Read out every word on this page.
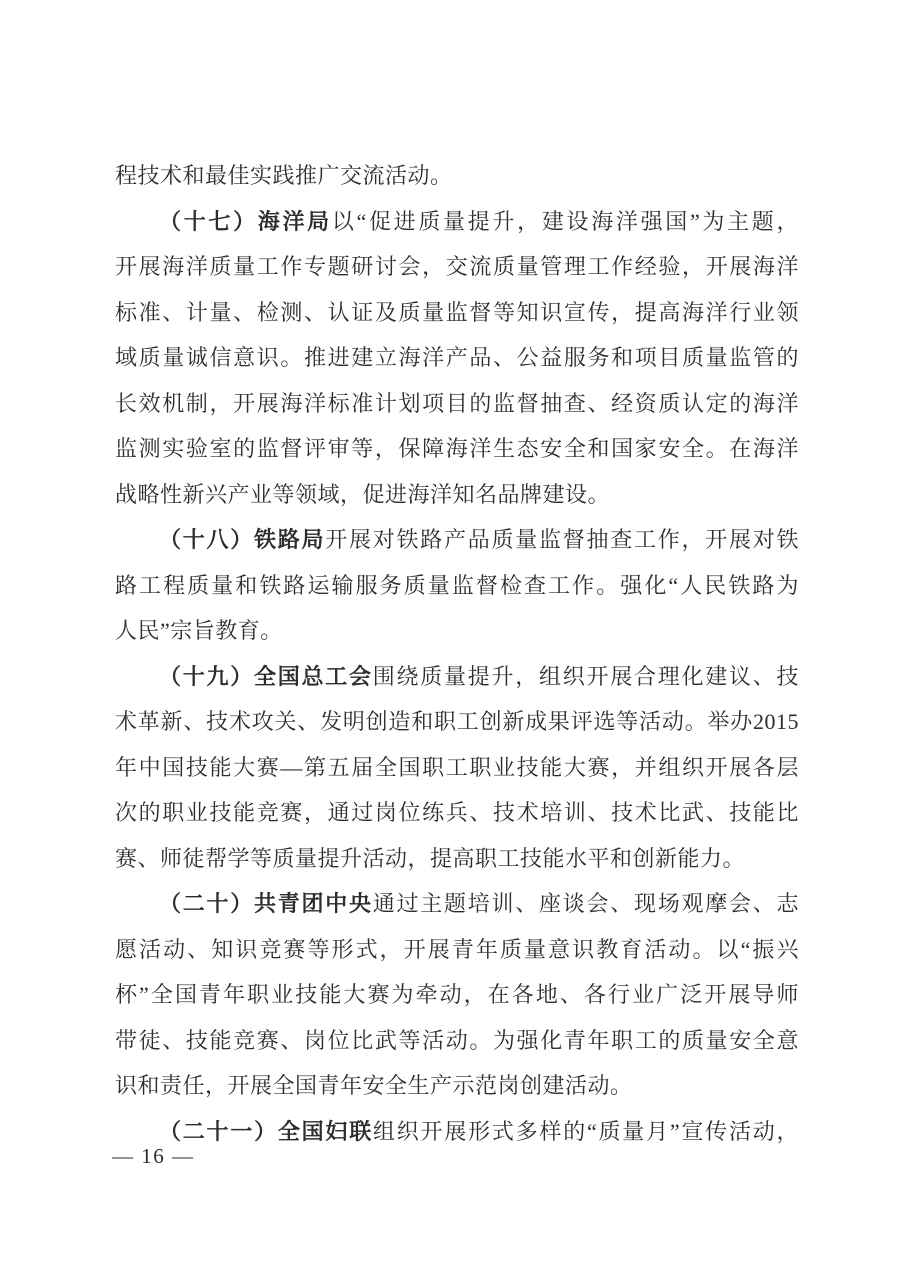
程技术和最佳实践推广交流活动。
（十七）海洋局以“促进质量提升，建设海洋强国”为主题，
开展海洋质量工作专题研讨会，交流质量管理工作经验，开展海洋
标准、计量、检测、认证及质量监督等知识宣传，提高海洋行业领
域质量诚信意识。推进建立海洋产品、公益服务和项目质量监管的
长效机制，开展海洋标准计划项目的监督抽查、经资质认定的海洋
监测实验室的监督评审等，保障海洋生态安全和国家安全。在海洋
战略性新兴产业等领域，促进海洋知名品牌建设。
（十八）铁路局开展对铁路产品质量监督抽查工作，开展对铁
路工程质量和铁路运输服务质量监督检查工作。强化“人民铁路为
人民”宗旨教育。
（十九）全国总工会围绕质量提升，组织开展合理化建议、技
术革新、技术攻关、发明创造和职工创新成果评选等活动。举办2015
年中国技能大赛—第五届全国职工职业技能大赛，并组织开展各层
次的职业技能竞赛，通过岗位练兵、技术培训、技术比武、技能比
赛、师徒帮学等质量提升活动，提高职工技能水平和创新能力。
（二十）共青团中央通过主题培训、座谈会、现场观摩会、志
愿活动、知识竞赛等形式，开展青年质量意识教育活动。以“振兴
杯”全国青年职业技能大赛为牵动，在各地、各行业广泛开展导师
带徒、技能竞赛、岗位比武等活动。为强化青年职工的质量安全意
识和责任，开展全国青年安全生产示范岗创建活动。
（二十一）全国妇联组织开展形式多样的“质量月”宣传活动，
— 16 —
